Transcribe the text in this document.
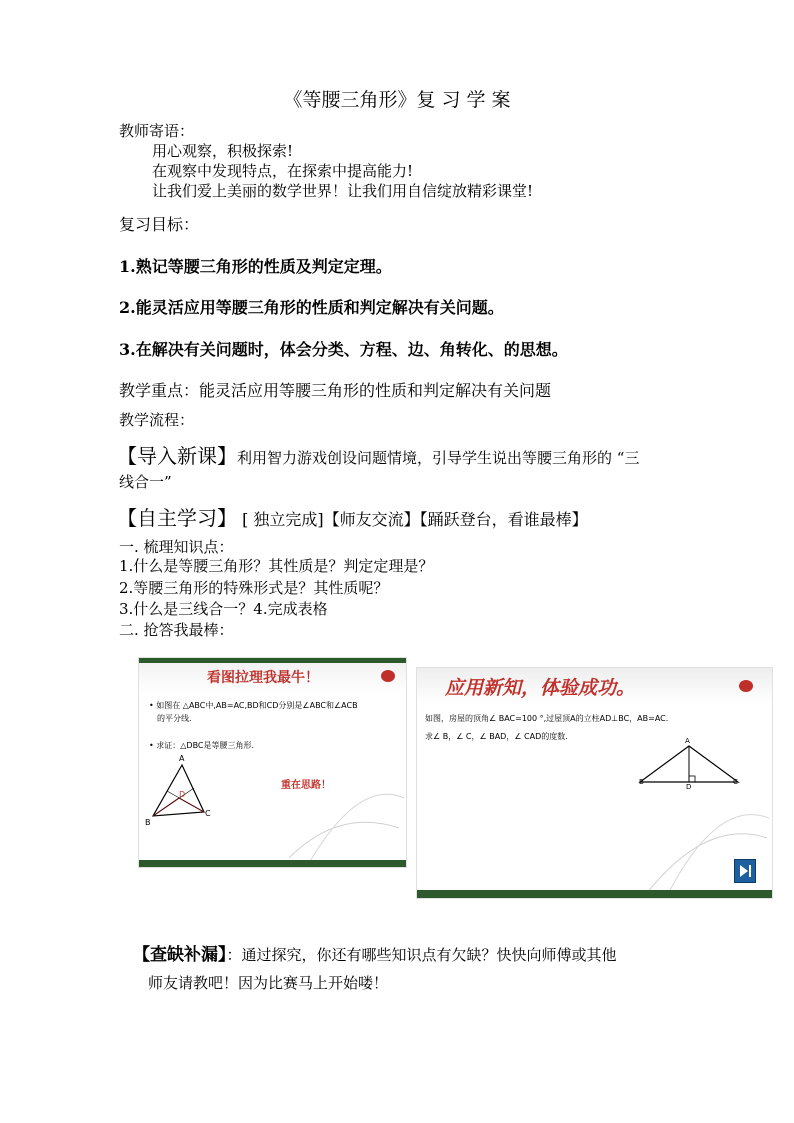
《等腰三角形》复 习 学 案
教师寄语：
用心观察，积极探索!
在观察中发现特点，在探索中提高能力!
让我们爱上美丽的数学世界！让我们用自信绽放精彩课堂!
复习目标：
1.熟记等腰三角形的性质及判定定理。
2.能灵活应用等腰三角形的性质和判定解决有关问题。
3.在解决有关问题时，体会分类、方程、边、角转化、的思想。
教学重点：能灵活应用等腰三角形的性质和判定解决有关问题
教学流程：
【导入新课】利用智力游戏创设问题情境，引导学生说出等腰三角形的 “三
线合一”
【自主学习】 [ 独立完成]【师友交流】【踊跃登台，看谁最棒】
一. 梳理知识点：
1.什么是等腰三角形？其性质是？判定定理是？
2.等腰三角形的特殊形式是？其性质呢？
3.什么是三线合一？4.完成表格
二. 抢答我最棒：
看图拉理我最牛！
• 如图在 △ABC中,AB=AC,BD和CD分别是∠ABC和∠ACB
的平分线.
• 求证：△DBC是等腰三角形.
重在思路！
A
B
C
D
应用新知，体验成功。
如图，房屋的顶角∠ BAC=100 °,过屋顶A的立柱AD⊥BC，AB=AC.
求∠ B，∠ C，∠ BAD，∠ CAD的度数.	A
B	C
D
【查缺补漏】：通过探究，你还有哪些知识点有欠缺？快快向师傅或其他
师友请教吧！因为比赛马上开始喽！
